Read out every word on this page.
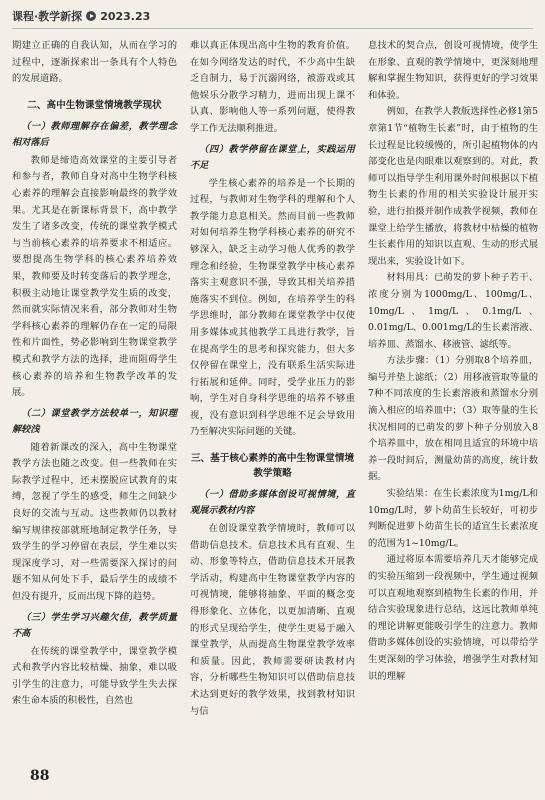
课程·教学新探 2023.23

期建立正确的自我认知，从而在学习的过程中，逐渐探索出一条具有个人特色的发展道路。

二、高中生物课堂情境教学现状
（一）教师理解存在偏差，教学理念相对落后

教师是缔造高效课堂的主要引导者和参与者，教师自身对高中生物学科核心素养的理解会直接影响最终的教学效果。尤其是在新课标背景下，高中教学发生了诸多改变，传统的课堂教学模式与当前核心素养的培养要求不相适应。要想提高生物学科的核心素养培养效果，教师要及时转变落后的教学理念，积极主动地让课堂教学发生质的改变，然而就实际情况来看，部分教师对生物学科核心素养的理解仍存在一定的局限性和片面性，势必影响到生物课堂教学模式和教学方法的选择，进而阻碍学生核心素养的培养和生物教学改革的发展。

（二）课堂教学方法较单一，知识理解较浅

随着新课改的深入，高中生物课堂教学方法也随之改变。但一些教师在实际教学过程中，还未摆脱应试教育的束缚，忽视了学生的感受，师生之间缺少良好的交流与互动。这些教师仍以教材编写规律按部就班地制定教学任务，导致学生的学习停留在表层，学生难以实现深度学习，对一些需要深入探讨的问题不知从何处下手，最后学生的成绩不但没有提升，反而出现下降的趋势。

（三）学生学习兴趣欠佳，教学质量不高

在传统的课堂教学中，课堂教学模式和教学内容比较枯燥、抽象，难以吸引学生的注意力，可能导致学生失去探索生命本质的积极性，自然也

难以真正体现出高中生物的教育价值。在如今网络发达的时代，不少高中生缺乏自制力，易于沉溺网络，被游戏或其他娱乐分散学习精力，进而出现上课不认真、影响他人等一系列问题，使得教学工作无法顺利推进。

（四）教学停留在课堂上，实践运用不足

学生核心素养的培养是一个长期的过程，与教师对生物学科的理解和个人教学能力息息相关。然而目前一些教师对如何培养生物学科核心素养的研究不够深入，缺乏主动学习他人优秀的教学理念和经验，生物课堂教学中核心素养落实主观意识不强，导致其相关培养措施落实不到位。例如，在培养学生的科学思维时，部分教师在课堂教学中仅使用多媒体或其他教学工具进行教学，旨在提高学生的思考和探究能力，但大多仅停留在课堂上，没有联系生活实际进行拓展和延伸。同时，受学业压力的影响，学生对自身科学思维的培养不够重视，没有意识到科学思维不足会导致用乃至解决实际问题的关键。

三、基于核心素养的高中生物课堂情境教学策略
（一）借助多媒体创设可视情境，直观展示教材内容

在创设课堂教学情境时，教师可以借助信息技术。信息技术具有直观、生动、形象等特点，借助信息技术开展教学活动，构建高中生物课堂教学内容的可视情境，能够将抽象、平面的概念变得形象化、立体化，以更加清晰、直观的形式呈现给学生，使学生更易于融入课堂教学，从而提高生物课堂教学效率和质量。因此，教师需要研读教材内容，分析哪些生物知识可以借助信息技术达到更好的教学效果，找到教材知识与信

息技术的契合点，创设可视情境，使学生在形象、直观的教学情境中，更深刻地理解和掌握生物知识，获得更好的学习效果和体验。

例如，在教学人教版选择性必修1第5章第1节“植物生长素”时，由于植物的生长过程是比较缓慢的，所引起植物体的内部变化也是肉眼难以观察到的。对此，教师可以指导学生利用课外时间根据以下植物生长素的作用的相关实验设计展开实验，进行拍摄并制作成教学视频，教师在课堂上给学生播放，将教材中枯燥的植物生长素作用的知识以直观、生动的形式展现出来，实验设计如下。

材料用具：已萌发的萝卜种子若干、浓度分别为1000mg/L、100mg/L、10mg/L、1mg/L、0.1mg/L、0.01mg/L、0.001mg/L的生长素溶液、培养皿、蒸馏水、移液管、滤纸等。

方法步骤：（1）分别取8个培养皿，编号并垫上滤纸；（2）用移液管取等量的7种不同浓度的生长素溶液和蒸馏水分别滴入相应的培养皿中；（3）取等量的生长状况相同的已萌发的萝卜种子分别放入8个培养皿中，放在相同且适宜的环境中培养一段时间后，测量幼苗的高度，统计数据。

实验结果：在生长素浓度为1mg/L和10mg/L时，萝卜幼苗生长较好，可初步判断促进萝卜幼苗生长的适宜生长素浓度的范围为1~10mg/L。

通过将原本需要培养几天才能够完成的实验压缩到一段视频中，学生通过视频可以直观地观察到植物生长素的作用，并结合实验现象进行总结，这远比教师单纯的理论讲解更能吸引学生的注意力。教师借助多媒体创设的实验情境，可以带给学生更深刻的学习体验，增强学生对教材知识的理解

88
